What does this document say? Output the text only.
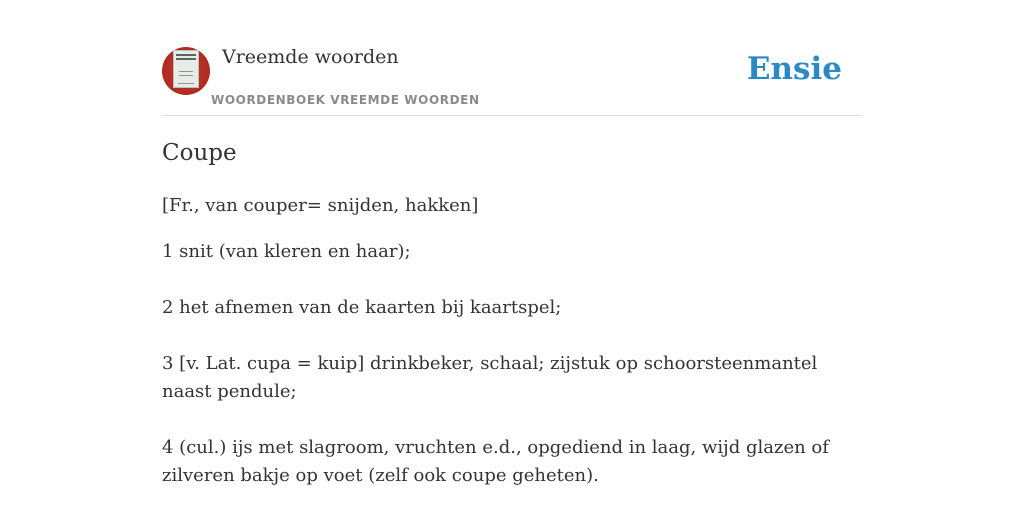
Vreemde woorden
WOORDENBOEK VREEMDE WOORDEN
Ensie
Coupe
[Fr., van couper= snijden, hakken]
1 snit (van kleren en haar);
2 het afnemen van de kaarten bij kaartspel;
3 [v. Lat. cupa = kuip] drinkbeker, schaal; zijstuk op schoorsteenmantel naast pendule;
4 (cul.) ijs met slagroom, vruchten e.d., opgediend in laag, wijd glazen of zilveren bakje op voet (zelf ook coupe geheten).
